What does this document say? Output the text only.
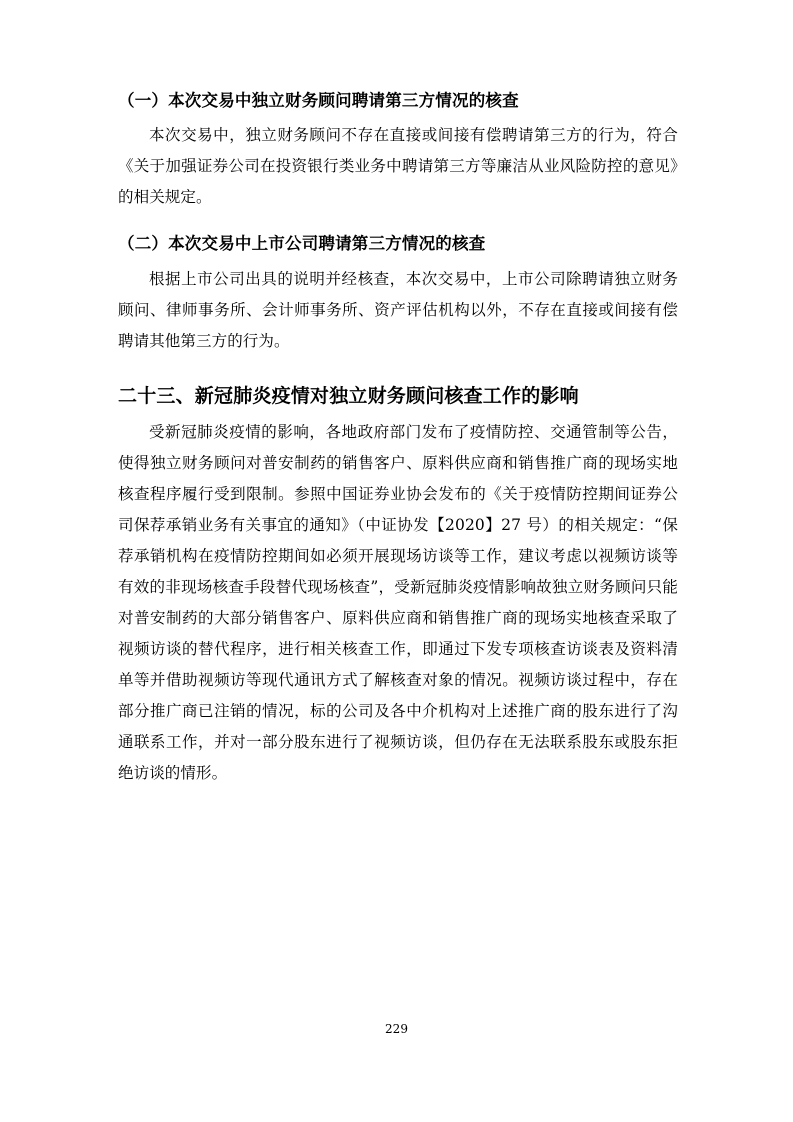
（一）本次交易中独立财务顾问聘请第三方情况的核查

本次交易中，独立财务顾问不存在直接或间接有偿聘请第三方的行为，符合《关于加强证券公司在投资银行类业务中聘请第三方等廉洁从业风险防控的意见》的相关规定。

（二）本次交易中上市公司聘请第三方情况的核查

根据上市公司出具的说明并经核查，本次交易中，上市公司除聘请独立财务顾问、律师事务所、会计师事务所、资产评估机构以外，不存在直接或间接有偿聘请其他第三方的行为。

二十三、新冠肺炎疫情对独立财务顾问核查工作的影响

受新冠肺炎疫情的影响，各地政府部门发布了疫情防控、交通管制等公告，使得独立财务顾问对普安制药的销售客户、原料供应商和销售推广商的现场实地核查程序履行受到限制。参照中国证券业协会发布的《关于疫情防控期间证券公司保荐承销业务有关事宜的通知》（中证协发【2020】27 号）的相关规定：“保荐承销机构在疫情防控期间如必须开展现场访谈等工作，建议考虑以视频访谈等有效的非现场核查手段替代现场核查”，受新冠肺炎疫情影响故独立财务顾问只能对普安制药的大部分销售客户、原料供应商和销售推广商的现场实地核查采取了视频访谈的替代程序，进行相关核查工作，即通过下发专项核查访谈表及资料清单等并借助视频访等现代通讯方式了解核查对象的情况。视频访谈过程中，存在部分推广商已注销的情况，标的公司及各中介机构对上述推广商的股东进行了沟通联系工作，并对一部分股东进行了视频访谈，但仍存在无法联系股东或股东拒绝访谈的情形。

229
